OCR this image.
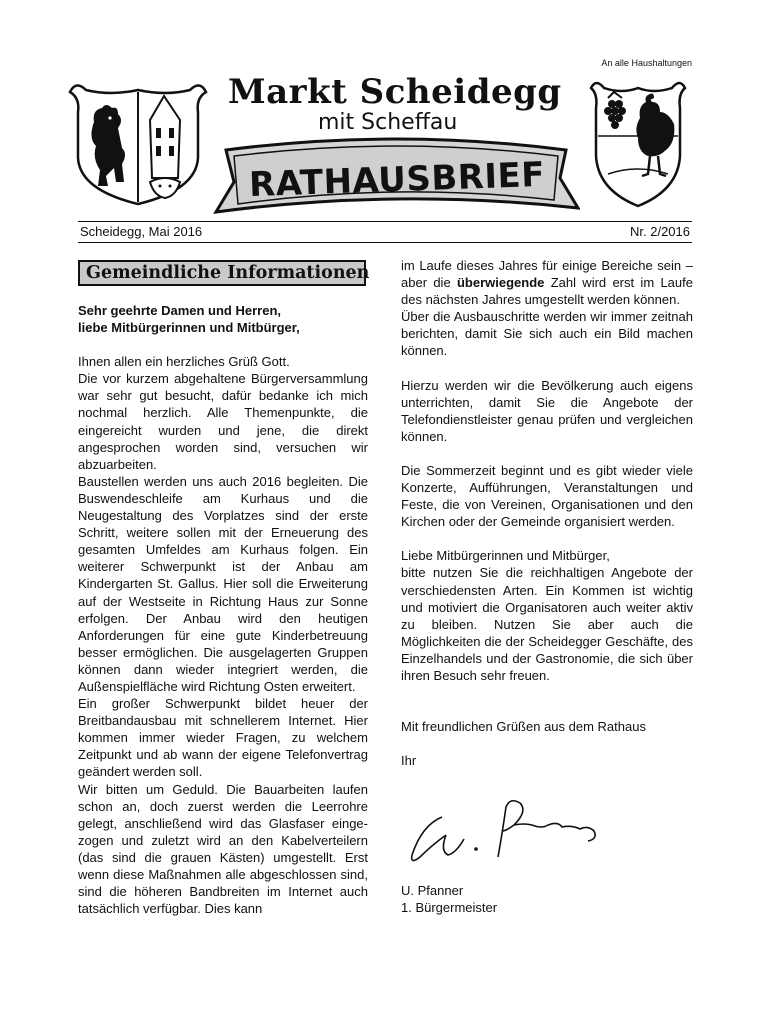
An alle Haushaltungen
Markt Scheidegg
mit Scheffau
RATHAUSBRIEF
Scheidegg, Mai 2016	Nr. 2/2016
Gemeindliche Informationen

Sehr geehrte Damen und Herren,

liebe Mitbürgerinnen und Mitbürger,

Ihnen allen ein herzliches Grüß Gott.

Die vor kurzem abgehaltene Bürgerversammlung war sehr gut besucht, dafür bedanke ich mich nochmal herzlich. Alle Themenpunkte, die eingereicht wurden und jene, die direkt angesprochen worden sind, versuchen wir abzuarbeiten.

Baustellen werden uns auch 2016 begleiten. Die Buswendeschleife am Kurhaus und die Neugestaltung des Vorplatzes sind der erste Schritt, weitere sollen mit der Erneuerung des gesamten Umfeldes am Kurhaus folgen. Ein weiterer Schwerpunkt ist der Anbau am Kindergarten St. Gallus. Hier soll die Erweiterung auf der Westseite in Richtung Haus zur Sonne erfolgen. Der Anbau wird den heutigen Anforderungen für eine gute Kinderbetreuung besser ermöglichen. Die ausgelagerten Gruppen können dann wieder integriert werden, die Außenspielfläche wird Richtung Osten erweitert.

Ein großer Schwerpunkt bildet heuer der Breitbandausbau mit schnellerem Internet. Hier kommen immer wieder Fragen, zu welchem Zeitpunkt und ab wann der eigene Telefonvertrag geändert werden soll.

Wir bitten um Geduld. Die Bauarbeiten laufen schon an, doch zuerst werden die Leerrohre gelegt, anschließend wird das Glasfaser eingezogen und zuletzt wird an den Kabelverteilern (das sind die grauen Kästen) umgestellt. Erst wenn diese Maßnahmen alle abgeschlossen sind, sind die höheren Bandbreiten im Internet auch tatsächlich verfügbar. Dies kann

im Laufe dieses Jahres für einige Bereiche sein – aber die überwiegende Zahl wird erst im Laufe des nächsten Jahres umgestellt werden können.

Über die Ausbauschritte werden wir immer zeitnah berichten, damit Sie sich auch ein Bild machen können.

Hierzu werden wir die Bevölkerung auch eigens unterrichten, damit Sie die Angebote der Telefondienstleister genau prüfen und vergleichen können.

Die Sommerzeit beginnt und es gibt wieder viele Konzerte, Aufführungen, Veranstaltungen und Feste, die von Vereinen, Organisationen und den Kirchen oder der Gemeinde organisiert werden.

Liebe Mitbürgerinnen und Mitbürger,

bitte nutzen Sie die reichhaltigen Angebote der verschiedensten Arten. Ein Kommen ist wichtig und motiviert die Organisatoren auch weiter aktiv zu bleiben. Nutzen Sie aber auch die Möglichkeiten die der Scheidegger Geschäfte, des Einzelhandels und der Gastronomie, die sich über ihren Besuch sehr freuen.

Mit freundlichen Grüßen aus dem Rathaus

Ihr

U. Pfanner

1. Bürgermeister
